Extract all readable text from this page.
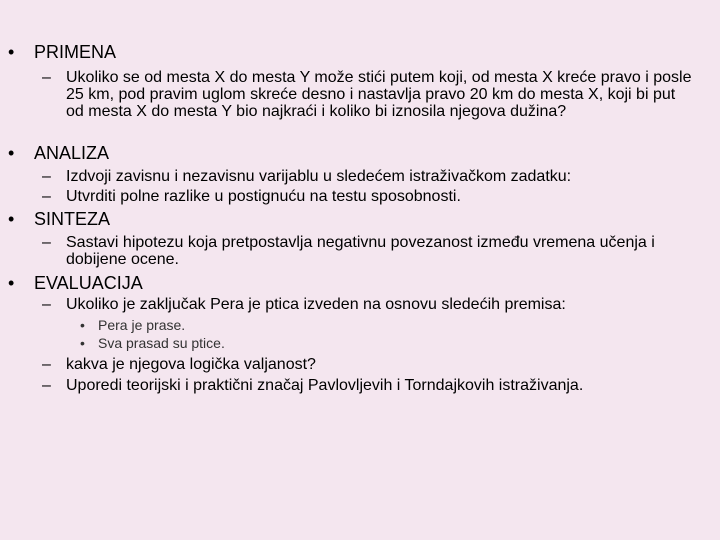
• PRIMENA
– Ukoliko se od mesta X do mesta Y može stići putem koji, od mesta X kreće pravo i posle 25 km, pod pravim uglom skreće desno i nastavlja pravo 20 km do mesta X, koji bi put od mesta X do mesta Y bio najkraći i koliko bi iznosila njegova dužina?
• ANALIZA
– Izdvoji zavisnu i nezavisnu varijablu u sledećem istraživačkom zadatku:
– Utvrditi polne razlike u postignuću na testu sposobnosti.
• SINTEZA
– Sastavi hipotezu koja pretpostavlja negativnu povezanost između vremena učenja i dobijene ocene.
• EVALUACIJA
– Ukoliko je zaključak Pera je ptica izveden na osnovu sledećih premisa:
• Pera je prase.
• Sva prasad su ptice.
– kakva je njegova logička valjanost?
– Uporedi teorijski i praktični značaj Pavlovljevih i Torndajkovih istraživanja.
